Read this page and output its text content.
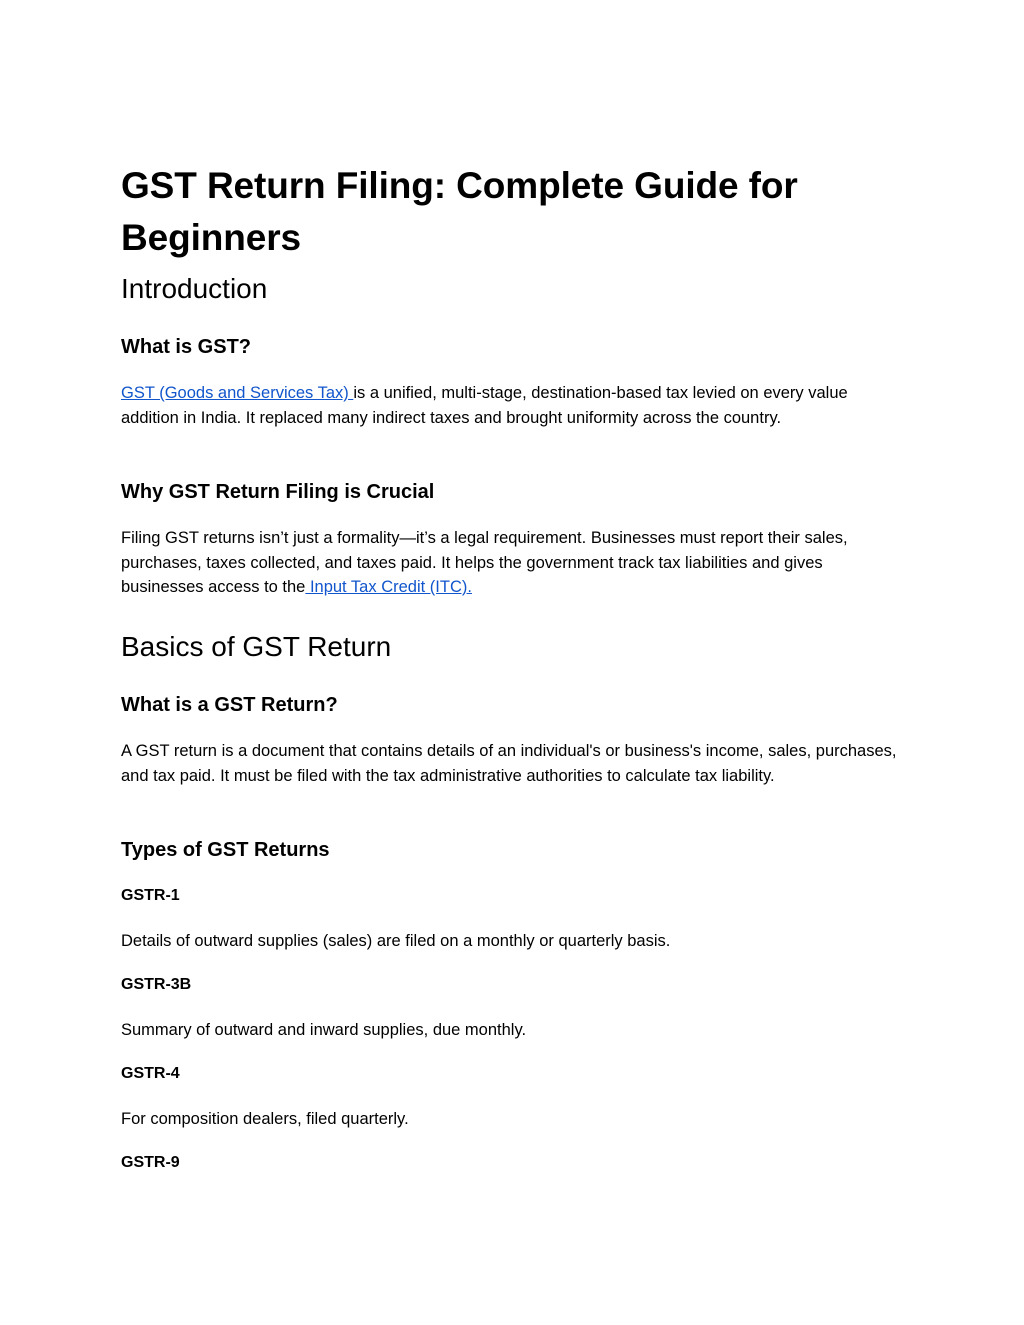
GST Return Filing: Complete Guide for Beginners
Introduction
What is GST?

GST (Goods and Services Tax) is a unified, multi-stage, destination-based tax levied on every value addition in India. It replaced many indirect taxes and brought uniformity across the country.

Why GST Return Filing is Crucial

Filing GST returns isn’t just a formality—it’s a legal requirement. Businesses must report their sales, purchases, taxes collected, and taxes paid. It helps the government track tax liabilities and gives businesses access to the Input Tax Credit (ITC).

Basics of GST Return
What is a GST Return?

A GST return is a document that contains details of an individual's or business's income, sales, purchases, and tax paid. It must be filed with the tax administrative authorities to calculate tax liability.

Types of GST Returns
GSTR-1

Details of outward supplies (sales) are filed on a monthly or quarterly basis.

GSTR-3B

Summary of outward and inward supplies, due monthly.

GSTR-4

For composition dealers, filed quarterly.

GSTR-9
